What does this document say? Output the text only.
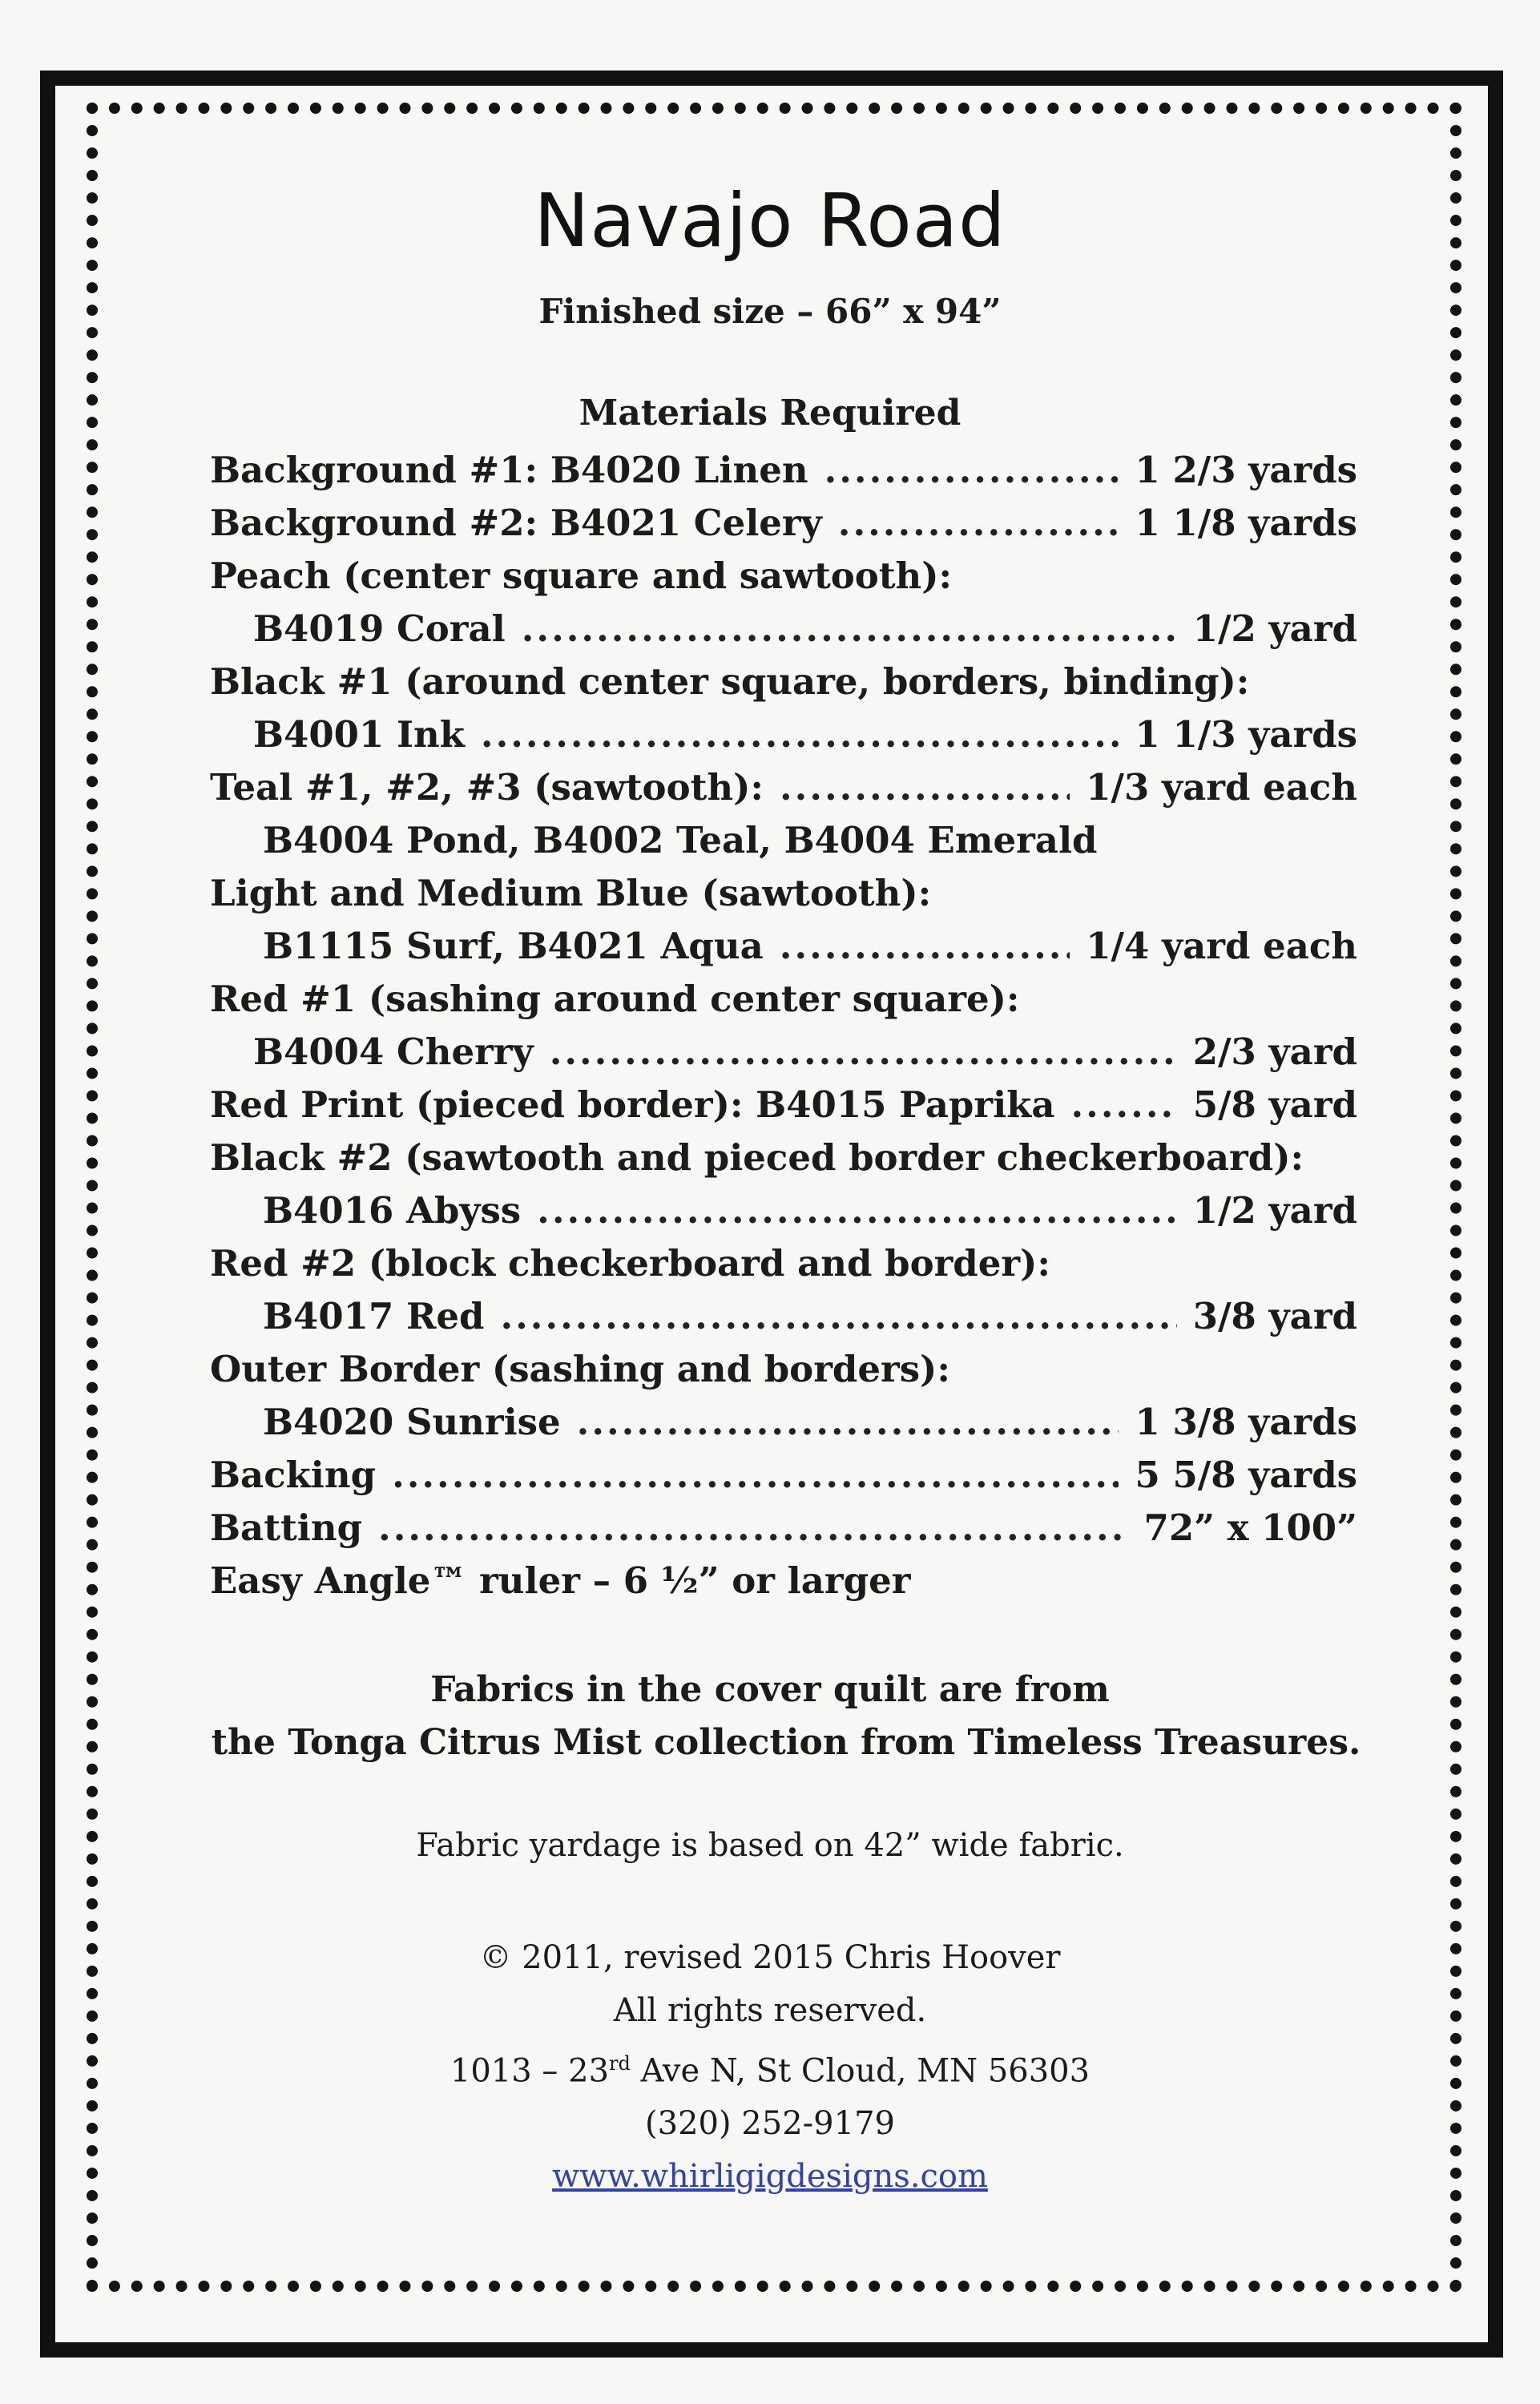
Navajo Road
Finished size – 66” x 94”
Materials Required
Background #1: B4020 Linen .....	1 2/3 yards
Background #2: B4021 Celery .....	1 1/8 yards
Peach (center square and sawtooth):
B4019 Coral .....	1/2 yard
Black #1 (around center square, borders, binding):
B4001 Ink .....	1 1/3 yards
Teal #1, #2, #3 (sawtooth): .....	1/3 yard each
B4004 Pond, B4002 Teal, B4004 Emerald
Light and Medium Blue (sawtooth):
B1115 Surf, B4021 Aqua .....	1/4 yard each
Red #1 (sashing around center square):
B4004 Cherry .....	2/3 yard
Red Print (pieced border): B4015 Paprika .....	5/8 yard
Black #2 (sawtooth and pieced border checkerboard):
B4016 Abyss .....	1/2 yard
Red #2 (block checkerboard and border):
B4017 Red .....	3/8 yard
Outer Border (sashing and borders):
B4020 Sunrise .....	1 3/8 yards
Backing .....	5 5/8 yards
Batting .....	72” x 100”
Easy Angle™ ruler – 6 ½” or larger
Fabrics in the cover quilt are from
the Tonga Citrus Mist collection from Timeless Treasures.
Fabric yardage is based on 42” wide fabric.
© 2011, revised 2015 Chris Hoover
All rights reserved.
1013 – 23rd Ave N, St Cloud, MN 56303
(320) 252-9179
www.whirligigdesigns.com
